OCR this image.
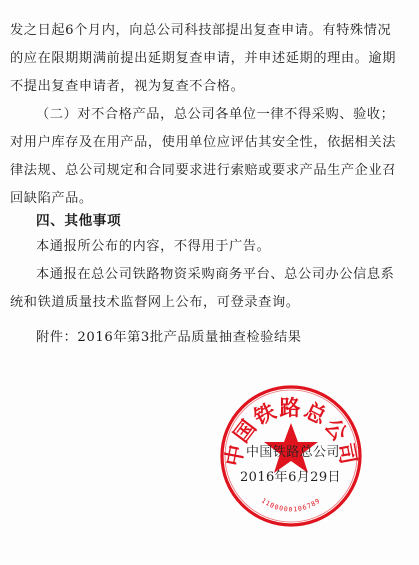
发之日起6个月内，向总公司科技部提出复查申请。有特殊情况
的应在限期期满前提出延期复查申请，并申述延期的理由。逾期
不提出复查申请者，视为复查不合格。
（二）对不合格产品，总公司各单位一律不得采购、验收；
对用户库存及在用产品，使用单位应评估其安全性，依据相关法
律法规、总公司规定和合同要求进行索赔或要求产品生产企业召
回缺陷产品。
四、其他事项
本通报所公布的内容，不得用于广告。
本通报在总公司铁路物资采购商务平台、总公司办公信息系
统和铁道质量技术监督网上公布，可登录查询。
附件：2016年第3批产品质量抽查检验结果
中国铁路总公司
1100000106789
中国铁路总公司
2016年6月29日
